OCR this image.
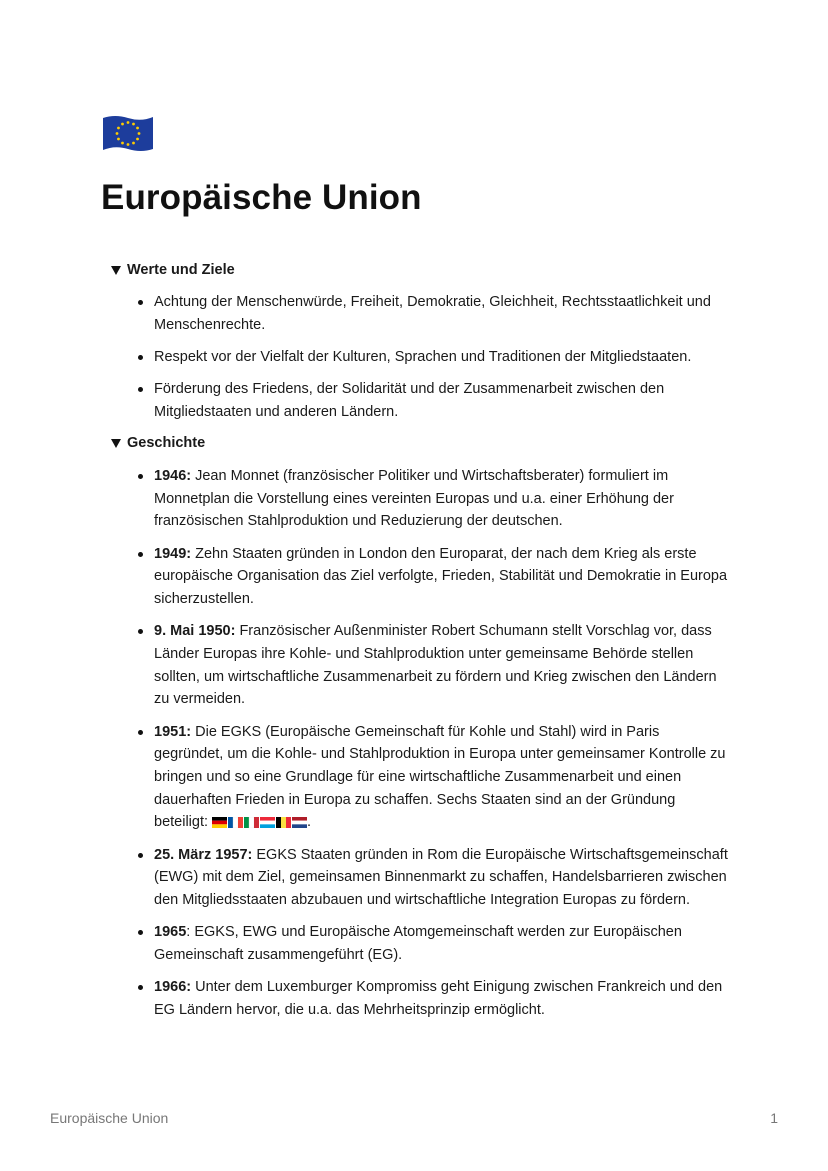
Europäische Union
Werte und Ziele
Achtung der Menschenwürde, Freiheit, Demokratie, Gleichheit, Rechtsstaatlichkeit und Menschenrechte.
Respekt vor der Vielfalt der Kulturen, Sprachen und Traditionen der Mitgliedstaaten.
Förderung des Friedens, der Solidarität und der Zusammenarbeit zwischen den Mitgliedstaaten und anderen Ländern.
Geschichte
1946: Jean Monnet (französischer Politiker und Wirtschaftsberater) formuliert im Monnetplan die Vorstellung eines vereinten Europas und u.a. einer Erhöhung der französischen Stahlproduktion und Reduzierung der deutschen.
1949: Zehn Staaten gründen in London den Europarat, der nach dem Krieg als erste europäische Organisation das Ziel verfolgte, Frieden, Stabilität und Demokratie in Europa sicherzustellen.
9. Mai 1950: Französischer Außenminister Robert Schumann stellt Vorschlag vor, dass Länder Europas ihre Kohle- und Stahlproduktion unter gemeinsame Behörde stellen sollten, um wirtschaftliche Zusammenarbeit zu fördern und Krieg zwischen den Ländern zu vermeiden.
1951: Die EGKS (Europäische Gemeinschaft für Kohle und Stahl) wird in Paris gegründet, um die Kohle- und Stahlproduktion in Europa unter gemeinsamer Kontrolle zu bringen und so eine Grundlage für eine wirtschaftliche Zusammenarbeit und einen dauerhaften Frieden in Europa zu schaffen. Sechs Staaten sind an der Gründung beteiligt:	.
25. März 1957: EGKS Staaten gründen in Rom die Europäische Wirtschaftsgemeinschaft (EWG) mit dem Ziel, gemeinsamen Binnenmarkt zu schaffen, Handelsbarrieren zwischen den Mitgliedsstaaten abzubauen und wirtschaftliche Integration Europas zu fördern.
1965: EGKS, EWG und Europäische Atomgemeinschaft werden zur Europäischen Gemeinschaft zusammengeführt (EG).
1966: Unter dem Luxemburger Kompromiss geht Einigung zwischen Frankreich und den EG Ländern hervor, die u.a. das Mehrheitsprinzip ermöglicht.
Europäische Union	1
